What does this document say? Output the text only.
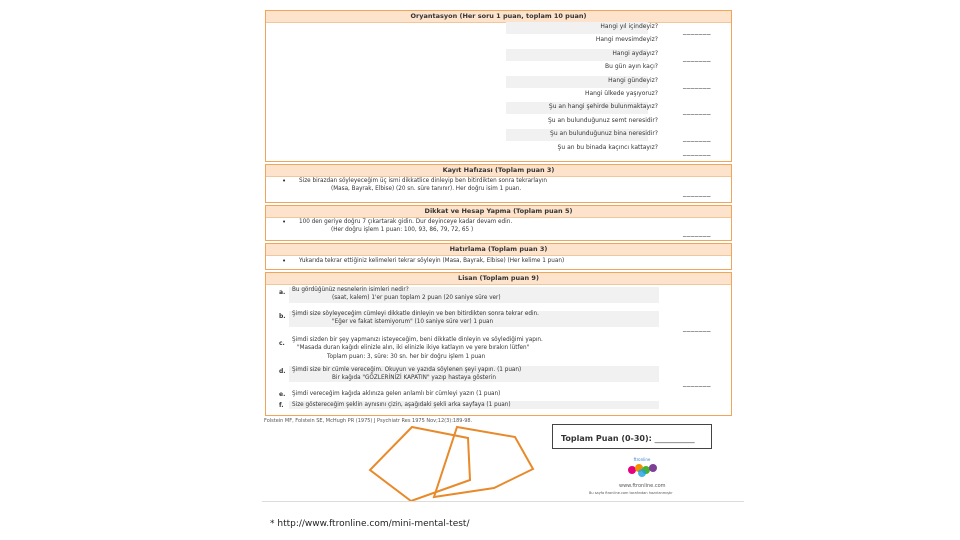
Oryantasyon (Her soru 1 puan, toplam 10 puan)
Hangi yıl içindeyiz?
_______
Hangi mevsimdeyiz?
Hangi aydayız?
_______
Bu gün ayın kaçı?
Hangi gündeyiz?
_______
Hangi ülkede yaşıyoruz?
Şu an hangi şehirde bulunmaktayız?
_______
Şu an bulunduğunuz semt neresidir?
Şu an bulunduğunuz bina neresidir?
_______
Şu an bu binada kaçıncı kattayız?
_______
Kayıt Hafızası (Toplam puan 3)
• Size birazdan söyleyeceğim üç ismi dikkatlice dinleyip ben bitirdikten sonra tekrarlayın
(Masa, Bayrak, Elbise) (20 sn. süre tanınır). Her doğru isim 1 puan.	_______
Dikkat ve Hesap Yapma (Toplam puan 5)
• 100 den geriye doğru 7 çıkartarak gidin. Dur deyinceye kadar devam edin.
(Her doğru işlem 1 puan: 100, 93, 86, 79, 72, 65 )	_______
Hatırlama (Toplam puan 3)
• Yukarıda tekrar ettiğiniz kelimeleri tekrar söyleyin (Masa, Bayrak, Elbise) (Her kelime 1 puan)
Lisan (Toplam puan 9)
a. Bu gördüğünüz nesnelerin isimleri nedir?
(saat, kalem) 1'er puan toplam 2 puan (20 saniye süre ver)
b. Şimdi size söyleyeceğim cümleyi dikkatle dinleyin ve ben bitirdikten sonra tekrar edin.
"Eğer ve fakat istemiyorum" (10 saniye süre ver) 1 puan
_______
c. Şimdi sizden bir şey yapmanızı isteyeceğim, beni dikkatle dinleyin ve söylediğimi yapın.
"Masada duran kağıdı elinizle alın, iki elinizle ikiye katlayın ve yere bırakın lütfen"
Toplam puan: 3, süre: 30 sn. her bir doğru işlem 1 puan
d. Şimdi size bir cümle vereceğim. Okuyun ve yazıda söylenen şeyi yapın. (1 puan)
Bir kağıda "GÖZLERİNİZİ KAPATIN" yazıp hastaya gösterin
_______
e. Şimdi vereceğim kağıda aklınıza gelen anlamlı bir cümleyi yazın (1 puan)
f. Size göstereceğim şeklin aynısını çizin, aşağıdaki şekli arka sayfaya (1 puan)
Folstein MF, Folstein SE, McHugh PR (1975) J Psychiatr Res 1975 Nov;12(3):189-98.
Toplam Puan (0-30): __________
ftronline
www.ftronline.com
Bu sayfa ftronline.com tarafından hazırlanmıştır
* http://www.ftronline.com/mini-mental-test/
